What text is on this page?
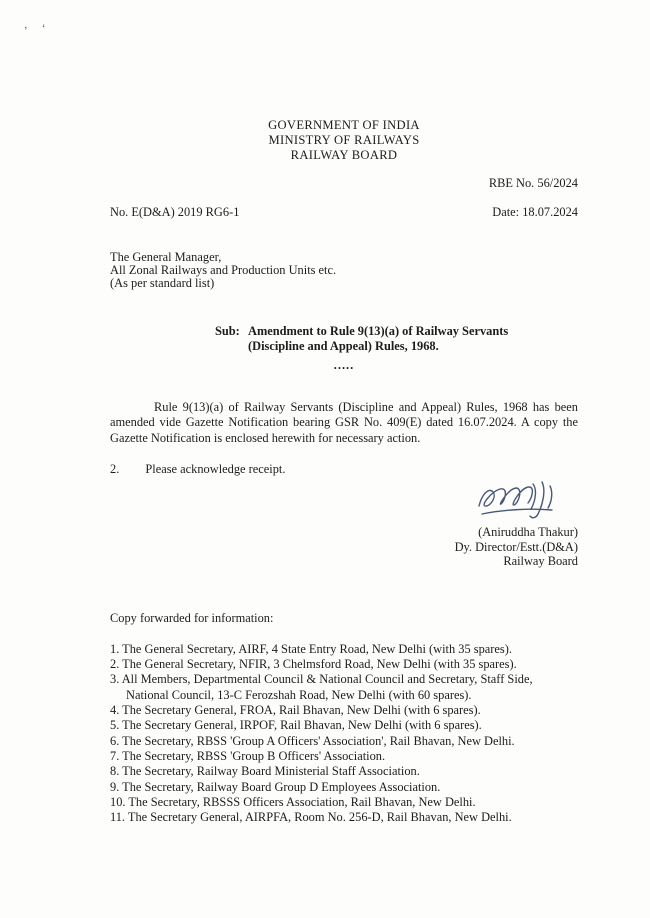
’ ‘
GOVERNMENT OF INDIA
MINISTRY OF RAILWAYS
RAILWAY BOARD
RBE No. 56/2024
No. E(D&A) 2019 RG6-1	Date: 18.07.2024
The General Manager,
All Zonal Railways and Production Units etc.
(As per standard list)
Sub: Amendment to Rule 9(13)(a) of Railway Servants (Discipline and Appeal) Rules, 1968.
.....

Rule 9(13)(a) of Railway Servants (Discipline and Appeal) Rules, 1968 has been amended vide Gazette Notification bearing GSR No. 409(E) dated 16.07.2024. A copy the Gazette Notification is enclosed herewith for necessary action.

2. Please acknowledge receipt.

(Aniruddha Thakur)
Dy. Director/Estt.(D&A)
Railway Board
Copy forwarded for information:
1. The General Secretary, AIRF, 4 State Entry Road, New Delhi (with 35 spares).
2. The General Secretary, NFIR, 3 Chelmsford Road, New Delhi (with 35 spares).
3. All Members, Departmental Council & National Council and Secretary, Staff Side, National Council, 13-C Ferozshah Road, New Delhi (with 60 spares).
4. The Secretary General, FROA, Rail Bhavan, New Delhi (with 6 spares).
5. The Secretary General, IRPOF, Rail Bhavan, New Delhi (with 6 spares).
6. The Secretary, RBSS 'Group A Officers' Association', Rail Bhavan, New Delhi.
7. The Secretary, RBSS 'Group B Officers' Association.
8. The Secretary, Railway Board Ministerial Staff Association.
9. The Secretary, Railway Board Group D Employees Association.
10. The Secretary, RBSSS Officers Association, Rail Bhavan, New Delhi.
11. The Secretary General, AIRPFA, Room No. 256-D, Rail Bhavan, New Delhi.
